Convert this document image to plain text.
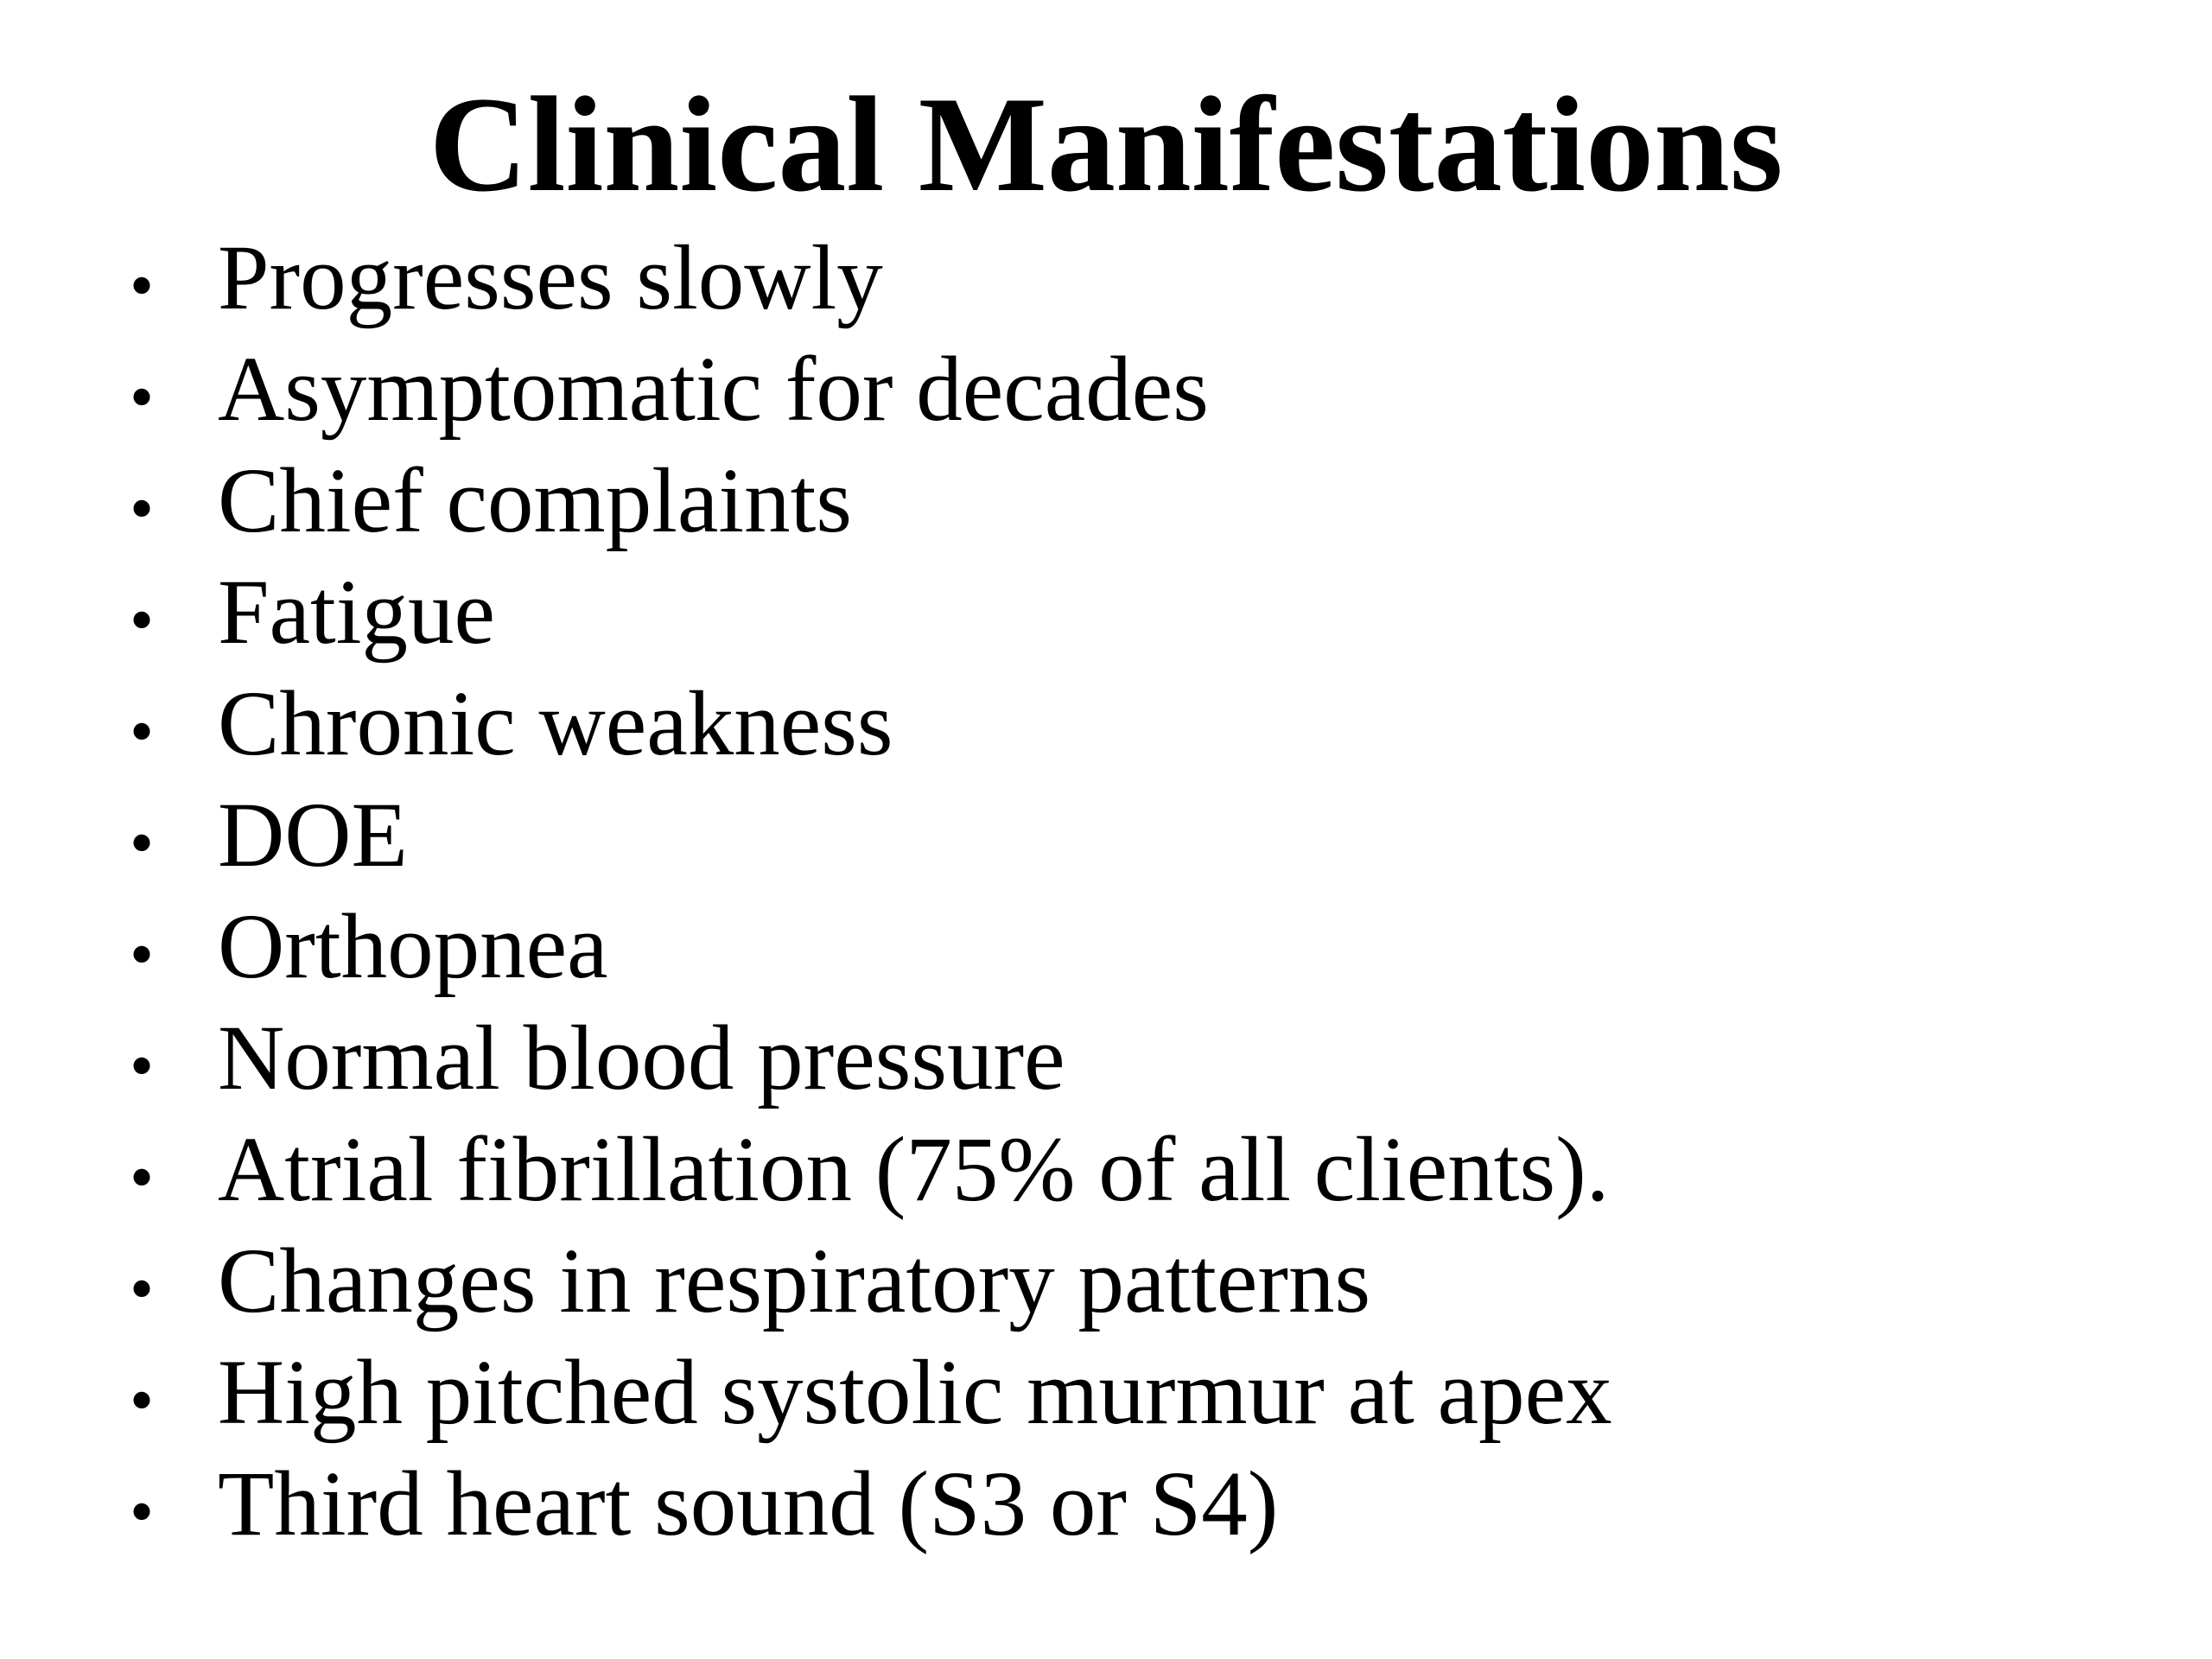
Clinical Manifestations
• Progresses slowly
• Asymptomatic for decades
• Chief complaints
• Fatigue
• Chronic weakness
• DOE
• Orthopnea
• Normal blood pressure
• Atrial fibrillation (75% of all clients).
• Changes in respiratory patterns
• High pitched systolic murmur at apex
• Third heart sound (S3 or S4)
